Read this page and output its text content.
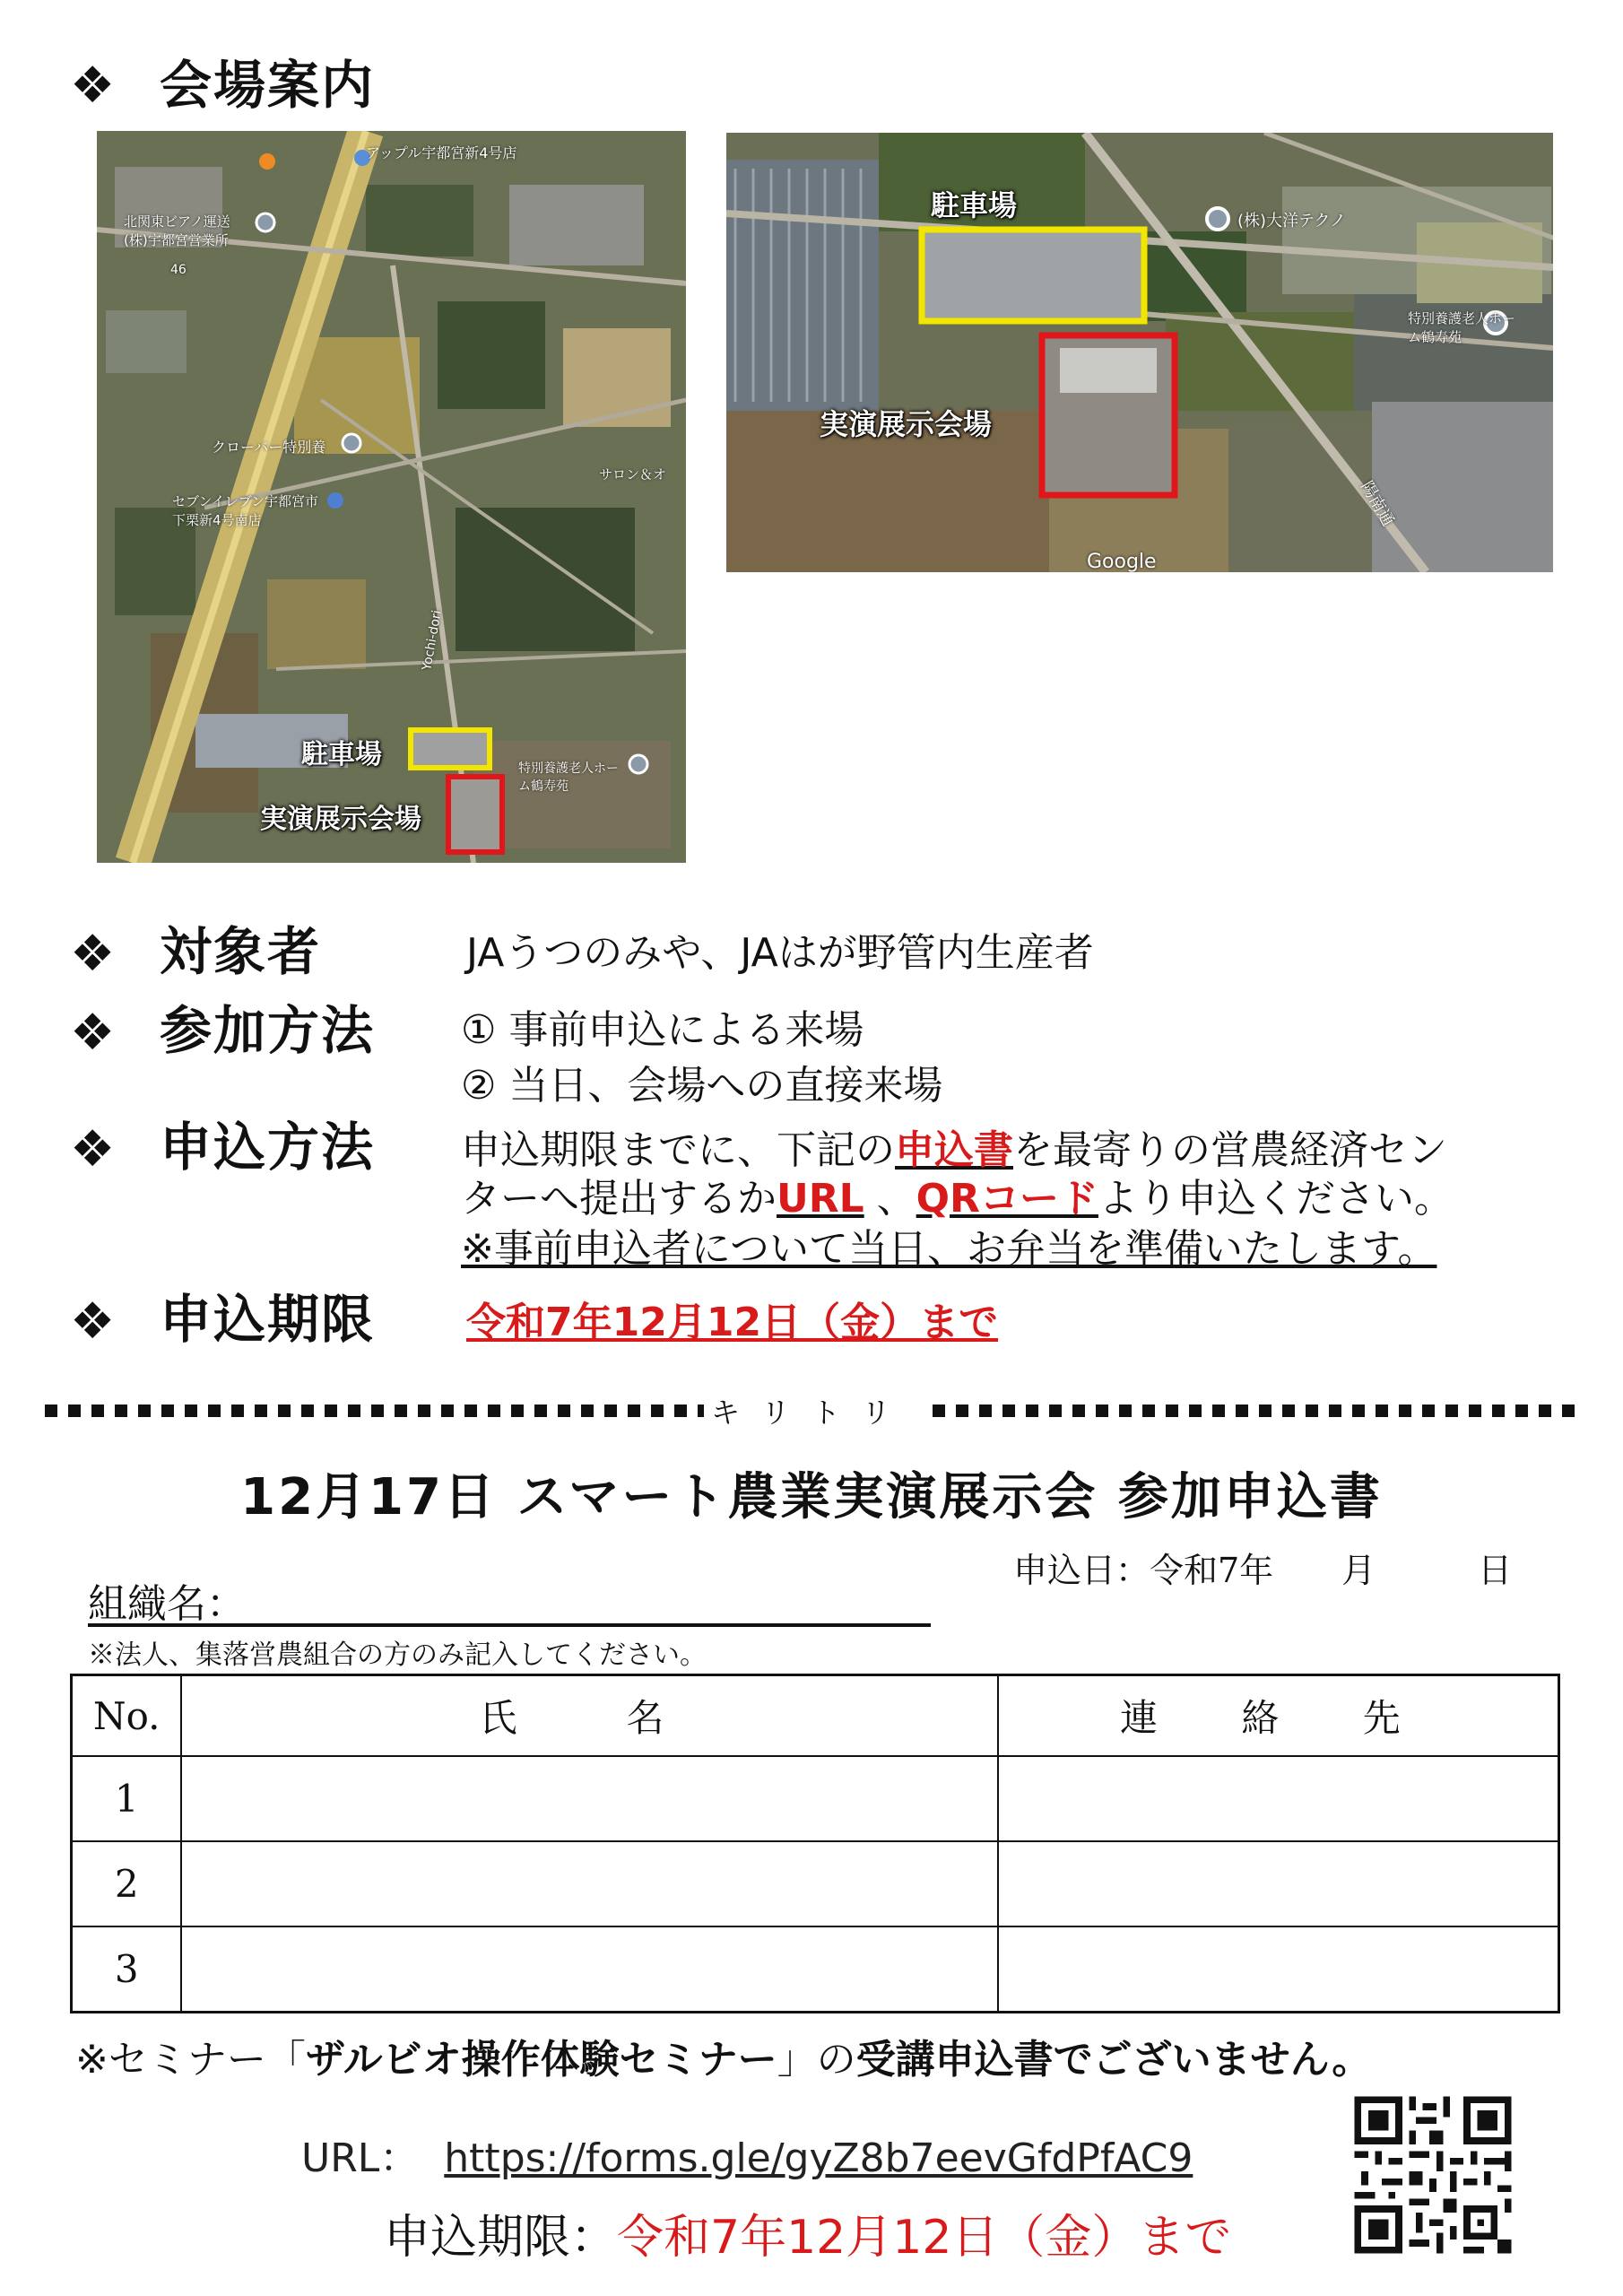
❖ 会場案内
アップル宇都宮新4号店
北関東ビアノ運送(株)宇都宮営業所
46
クローバー特別養
セブンイレブン宇都宮市下栗新4号南店
サロン＆オ
Yochi-dori
特別養護老人ホーム鶴寿苑
駐車場
実演展示会場
(株)大洋テクノ
特別養護老人ホーム鶴寿苑
陽南通
Google
駐車場
実演展示会場
❖ 対象者	JAうつのみや、JAはが野管内生産者
❖ 参加方法 ① 事前申込による来場
② 当日、会場への直接来場
❖ 申込方法 申込期限までに、下記の申込書を最寄りの営農経済セン
ターへ提出するかURL 、QRコードより申込ください。
※事前申込者について当日、お弁当を準備いたします。
❖ 申込期限 令和7年12月12日（金）まで
キリトリ
12月17日 スマート農業実演展示会 参加申込書
申込日：令和7年　　月　　　日
組織名：
※法人、集落営農組合の方のみ記入してください。
No.	氏　名	連 絡 先
1		
2		
3		
※セミナー「ザルビオ操作体験セミナー」の受講申込書でございません。
URL： https://forms.gle/gyZ8b7eevGfdPfAC9
申込期限：令和7年12月12日（金）まで
